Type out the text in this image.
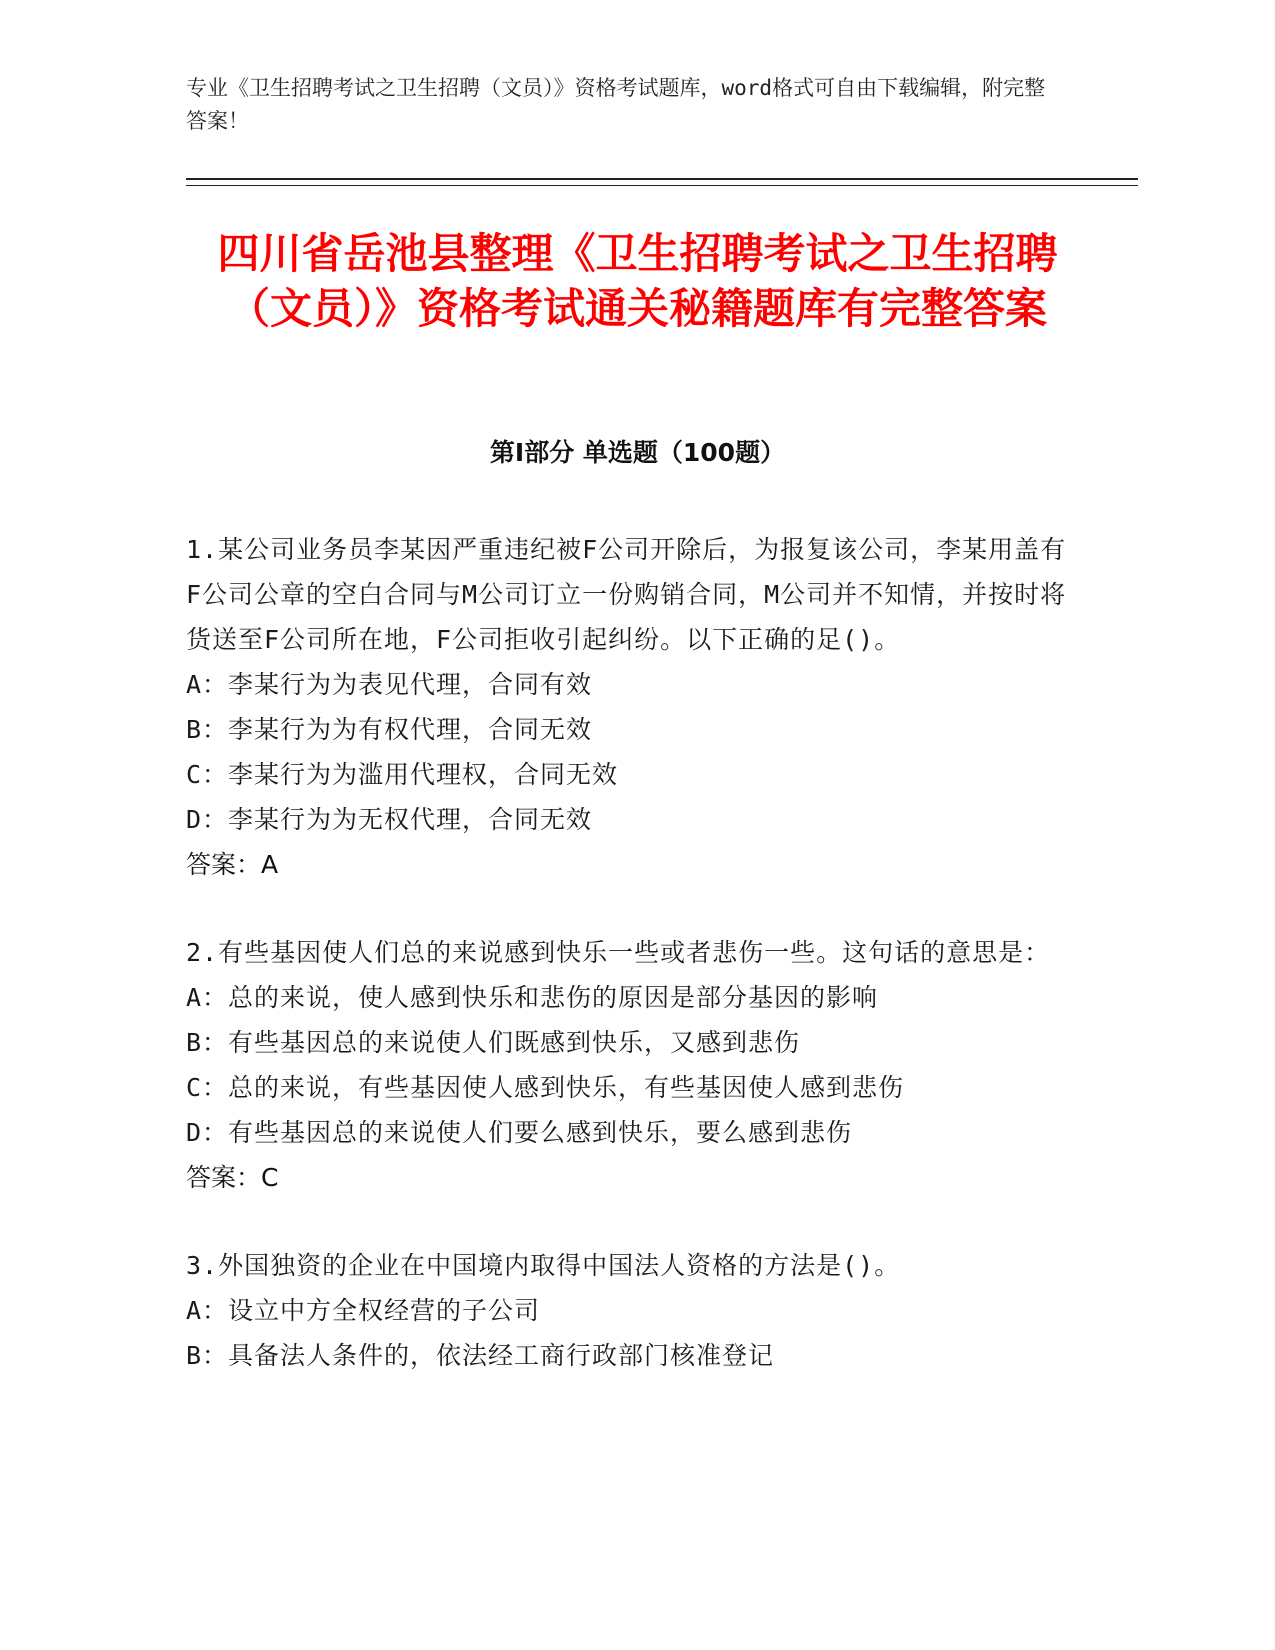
专业《卫生招聘考试之卫生招聘（文员）》资格考试题库，word格式可自由下载编辑，附完整答案！
四川省岳池县整理《卫生招聘考试之卫生招聘（文员）》资格考试通关秘籍题库有完整答案
第Ⅰ部分 单选题（100题）
1.某公司业务员李某因严重违纪被F公司开除后，为报复该公司，李某用盖有F公司公章的空白合同与M公司订立一份购销合同，M公司并不知情，并按时将货送至F公司所在地，F公司拒收引起纠纷。以下正确的足()。
A：李某行为为表见代理，合同有效
B：李某行为为有权代理，合同无效
C：李某行为为滥用代理权，合同无效
D：李某行为为无权代理，合同无效
答案：A
2.有些基因使人们总的来说感到快乐一些或者悲伤一些。这句话的意思是：
A：总的来说，使人感到快乐和悲伤的原因是部分基因的影响
B：有些基因总的来说使人们既感到快乐，又感到悲伤
C：总的来说，有些基因使人感到快乐，有些基因使人感到悲伤
D：有些基因总的来说使人们要么感到快乐，要么感到悲伤
答案：C
3.外国独资的企业在中国境内取得中国法人资格的方法是()。
A：设立中方全权经营的子公司
B：具备法人条件的，依法经工商行政部门核准登记
